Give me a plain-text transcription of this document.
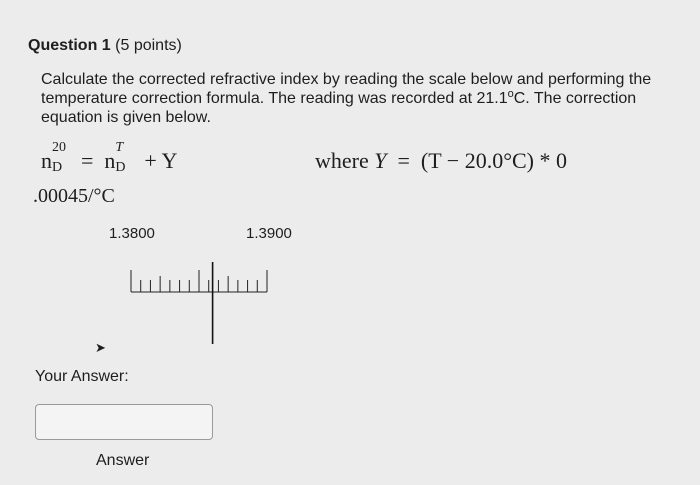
Question 1 (5 points)
Calculate the corrected refractive index by reading the scale below and performing the temperature correction formula. The reading was recorded at 21.1$^o$C. The correction equation is given below.
n
20
D = n
T
D + Y	where Y = (T − 20.0°C) * 0
.00045/°C
1.3800	1.3900
➤
Your Answer:
Answer
